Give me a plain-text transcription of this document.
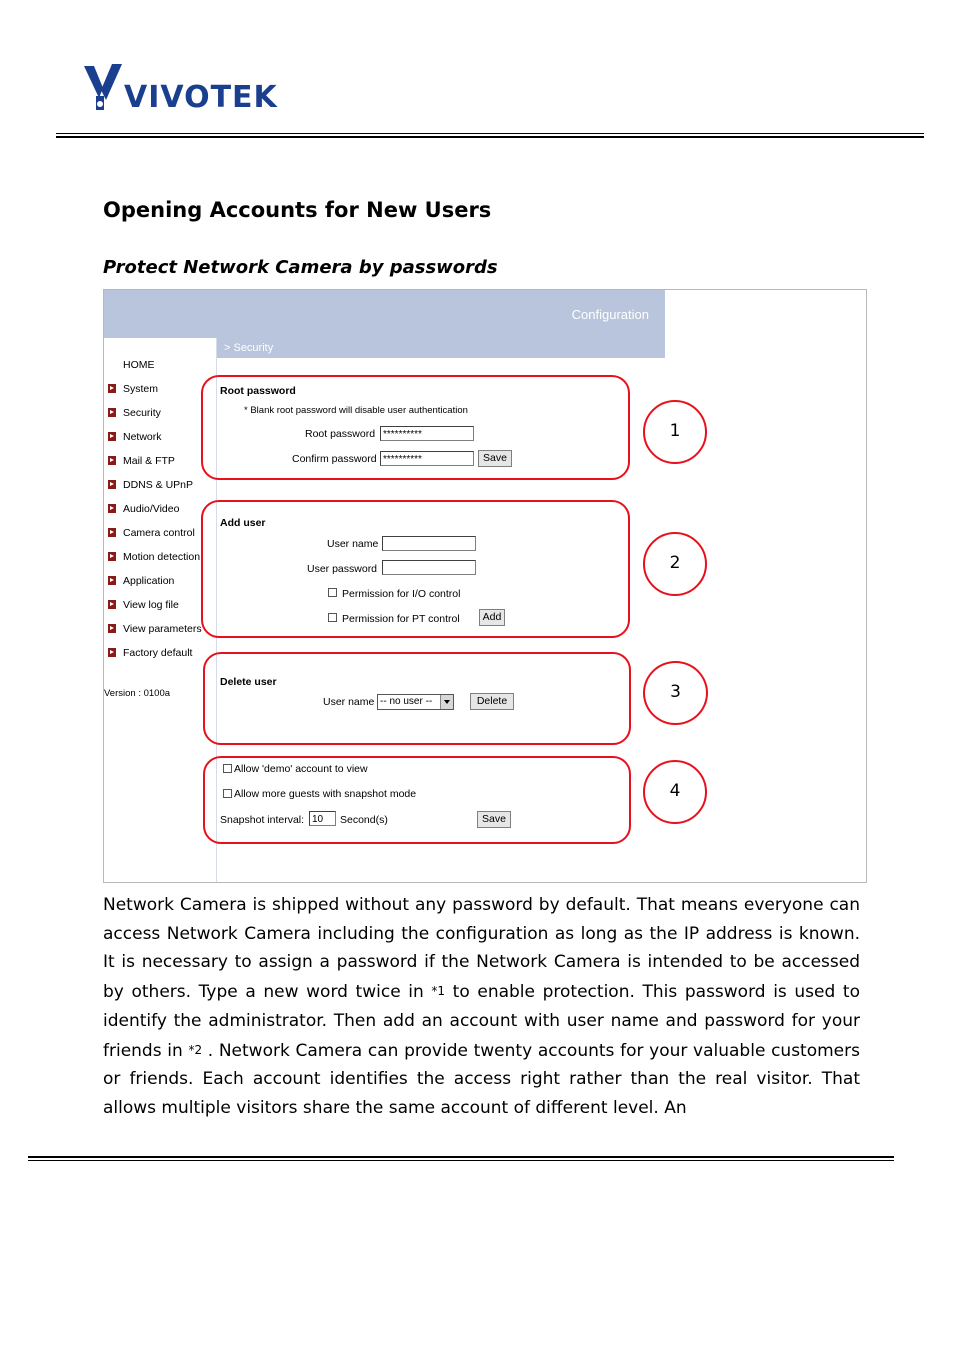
VIVOTEK
Opening Accounts for New Users
Protect Network Camera by passwords
Configuration
> Security
HOME
System
Security
Network
Mail & FTP
DDNS & UPnP
Audio/Video
Camera control
Motion detection
Application
View log file
View parameters
Factory default
Version : 0100a
Root password
* Blank root password will disable user authentication
Root password **********
Confirm password **********	Save
Add user
User name
User password
Permission for I/O control
Permission for PT control	Add
Delete user
User name -- no user --	Delete
Allow 'demo' account to view
Allow more guests with snapshot mode
Snapshot interval: 10	Second(s)	Save
1
2
3
4

Network Camera is shipped without any password by default. That means everyone can access Network Camera including the configuration as long as the IP address is known. It is necessary to assign a password if the Network Camera is intended to be accessed by others. Type a new word twice in *1 to enable protection. This password is used to identify the administrator. Then add an account with user name and password for your friends in *2 . Network Camera can provide twenty accounts for your valuable customers or friends. Each account identifies the access right rather than the real visitor. That allows multiple visitors share the same account of different level. An
